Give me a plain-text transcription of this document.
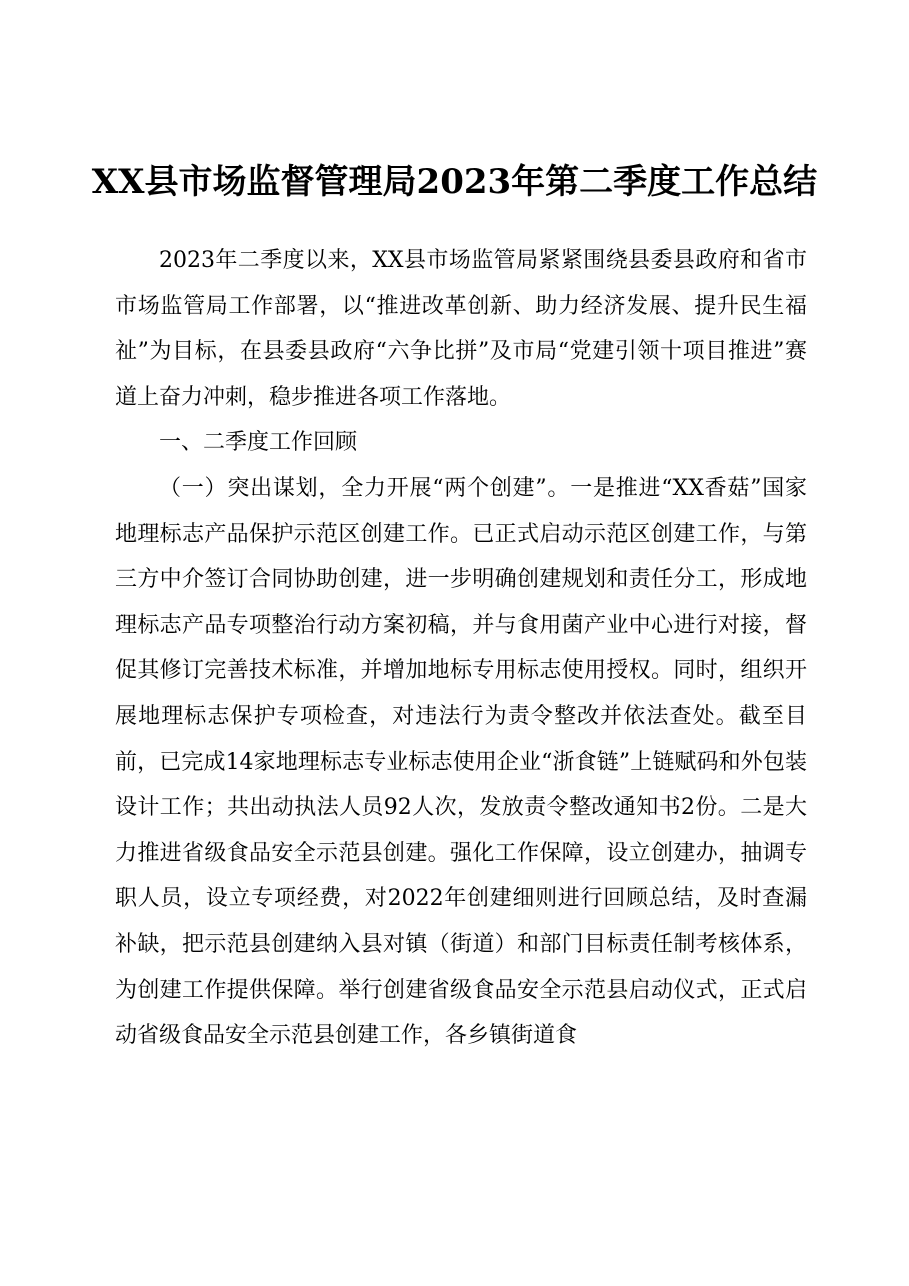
XX县市场监督管理局2023年第二季度工作总结

2023年二季度以来，XX县市场监管局紧紧围绕县委县政府和省市市场监管局工作部署，以“推进改革创新、助力经济发展、提升民生福祉”为目标，在县委县政府“六争比拼”及市局“党建引领十项目推进”赛道上奋力冲刺，稳步推进各项工作落地。

一、二季度工作回顾

（一）突出谋划，全力开展“两个创建”。一是推进“XX香菇”国家地理标志产品保护示范区创建工作。已正式启动示范区创建工作，与第三方中介签订合同协助创建，进一步明确创建规划和责任分工，形成地理标志产品专项整治行动方案初稿，并与食用菌产业中心进行对接，督促其修订完善技术标准，并增加地标专用标志使用授权。同时，组织开展地理标志保护专项检查，对违法行为责令整改并依法查处。截至目前，已完成14家地理标志专业标志使用企业“浙食链”上链赋码和外包装设计工作；共出动执法人员92人次，发放责令整改通知书2份。二是大力推进省级食品安全示范县创建。强化工作保障，设立创建办，抽调专职人员，设立专项经费，对2022年创建细则进行回顾总结，及时查漏补缺，把示范县创建纳入县对镇（街道）和部门目标责任制考核体系，为创建工作提供保障。举行创建省级食品安全示范县启动仪式，正式启动省级食品安全示范县创建工作，各乡镇街道食
